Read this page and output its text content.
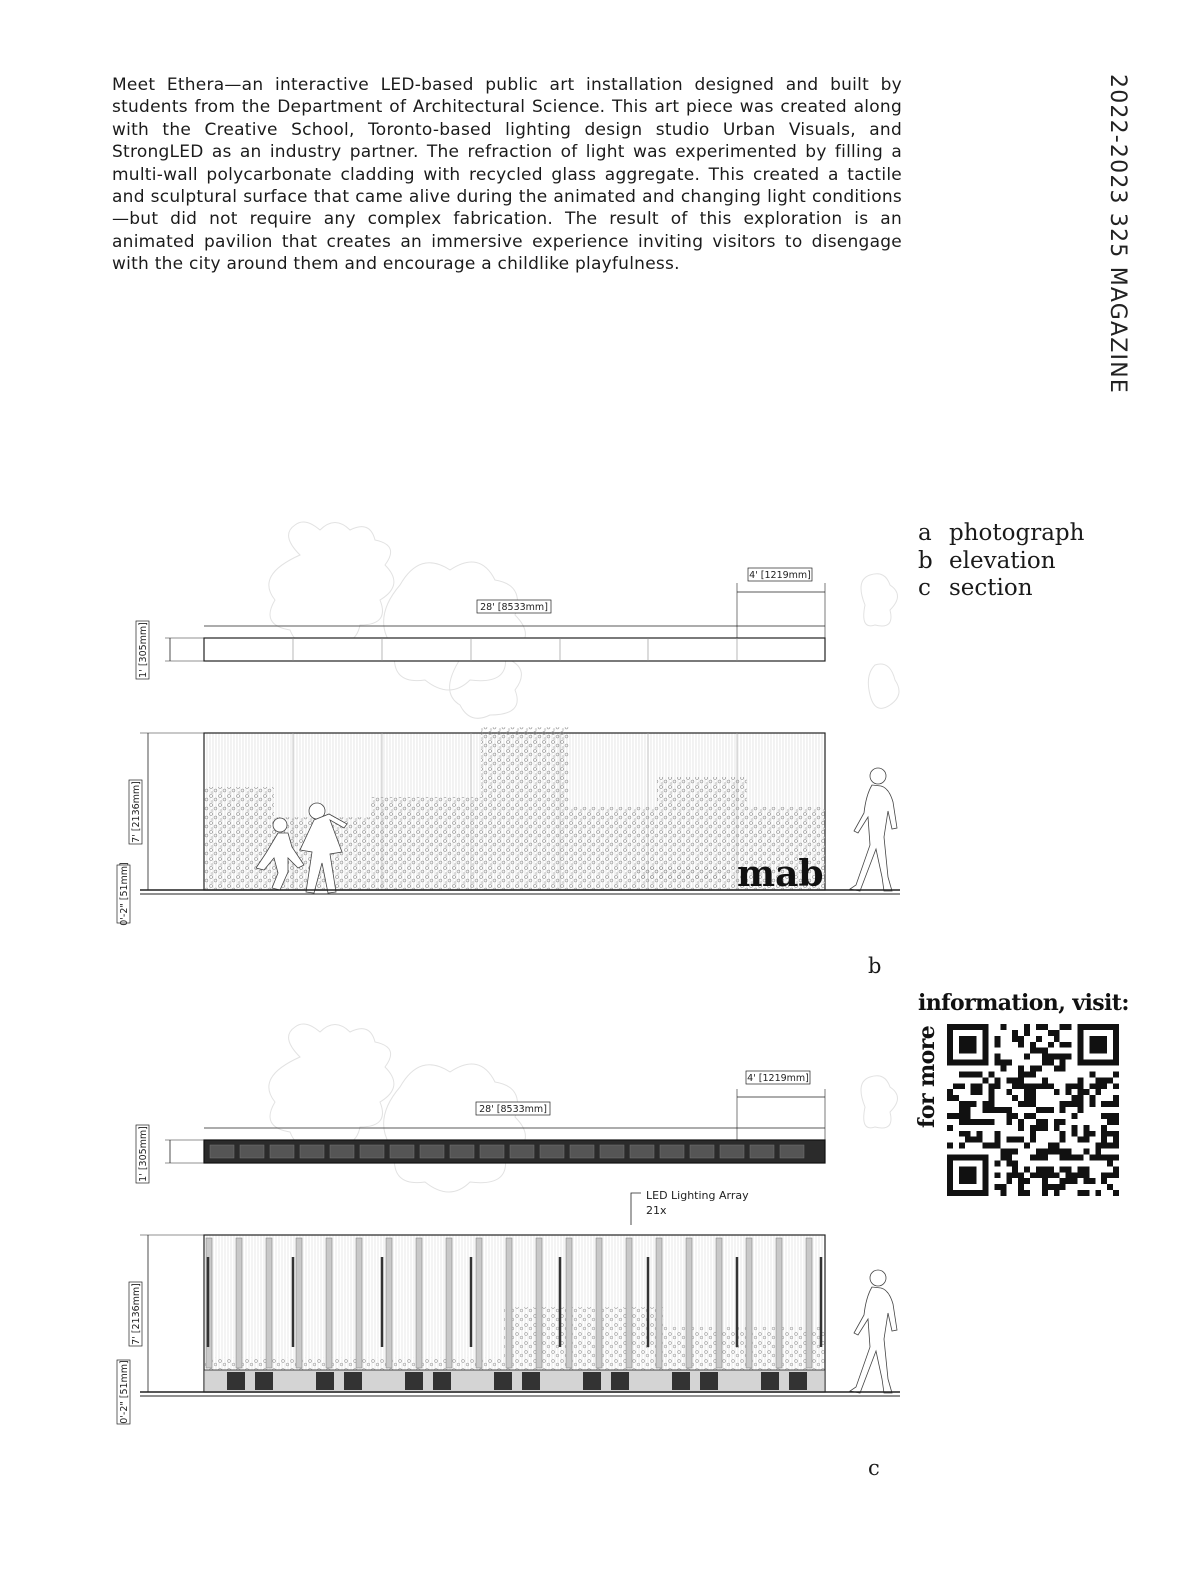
Meet Ethera—an interactive LED-based public art installation designed and built by students from the Department of Architectural Science. This art piece was created along with the Creative School, Toronto-based lighting design studio Urban Visuals, and StrongLED as an industry partner. The refraction of light was experimented by filling a multi-wall polycarbonate cladding with recycled glass aggregate. This created a tactile and sculptural surface that came alive during the animated and changing light conditions—but did not require any complex fabrication. The result of this exploration is an animated pavilion that creates an immersive experience inviting visitors to disengage with the city around them and encourage a childlike playfulness.	2022-2023 325 MAGAZINE
a photograph
b elevation
c section
4' [1219mm]
28' [8533mm]
1' [305mm]
7' [2136mm]
0'-2" [51mm]	mab
b
4' [1219mm]
28' [8533mm]
1' [305mm]
7' [2136mm]
0'-2" [51mm]
LED Lighting Array
21x
c
information, visit:
for more
